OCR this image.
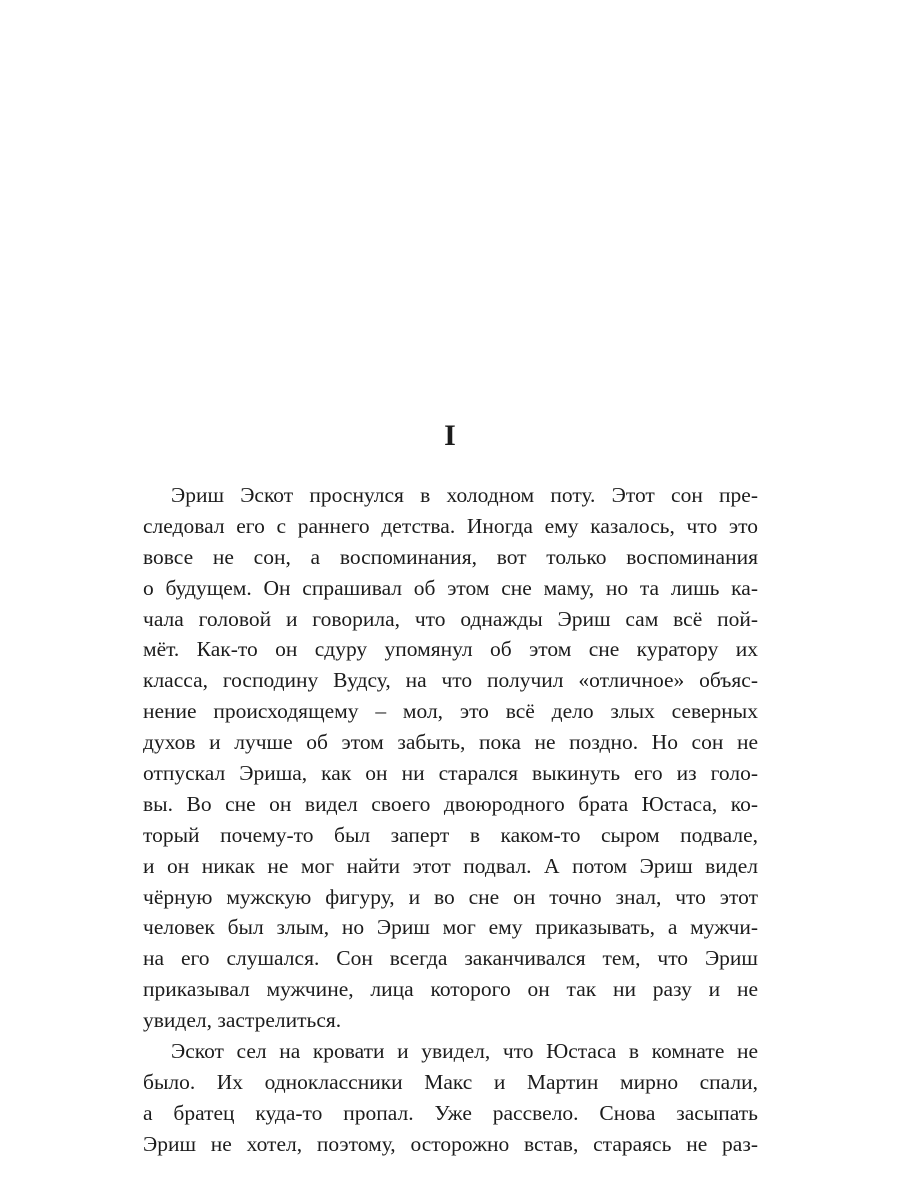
I
Эриш Эскот проснулся в холодном поту. Этот сон пре-
следовал его с раннего детства. Иногда ему казалось, что это
вовсе не сон, а воспоминания, вот только воспоминания
о будущем. Он спрашивал об этом сне маму, но та лишь ка-
чала головой и говорила, что однажды Эриш сам всё пой-
мёт. Как-то он сдуру упомянул об этом сне куратору их
класса, господину Вудсу, на что получил «отличное» объяс-
нение происходящему – мол, это всё дело злых северных
духов и лучше об этом забыть, пока не поздно. Но сон не
отпускал Эриша, как он ни старался выкинуть его из голо-
вы. Во сне он видел своего двоюродного брата Юстаса, ко-
торый почему-то был заперт в каком-то сыром подвале,
и он никак не мог найти этот подвал. А потом Эриш видел
чёрную мужскую фигуру, и во сне он точно знал, что этот
человек был злым, но Эриш мог ему приказывать, а мужчи-
на его слушался. Сон всегда заканчивался тем, что Эриш
приказывал мужчине, лица которого он так ни разу и не
увидел, застрелиться.
Эскот сел на кровати и увидел, что Юстаса в комнате не
было. Их одноклассники Макс и Мартин мирно спали,
а братец куда-то пропал. Уже рассвело. Снова засыпать
Эриш не хотел, поэтому, осторожно встав, стараясь не раз-
